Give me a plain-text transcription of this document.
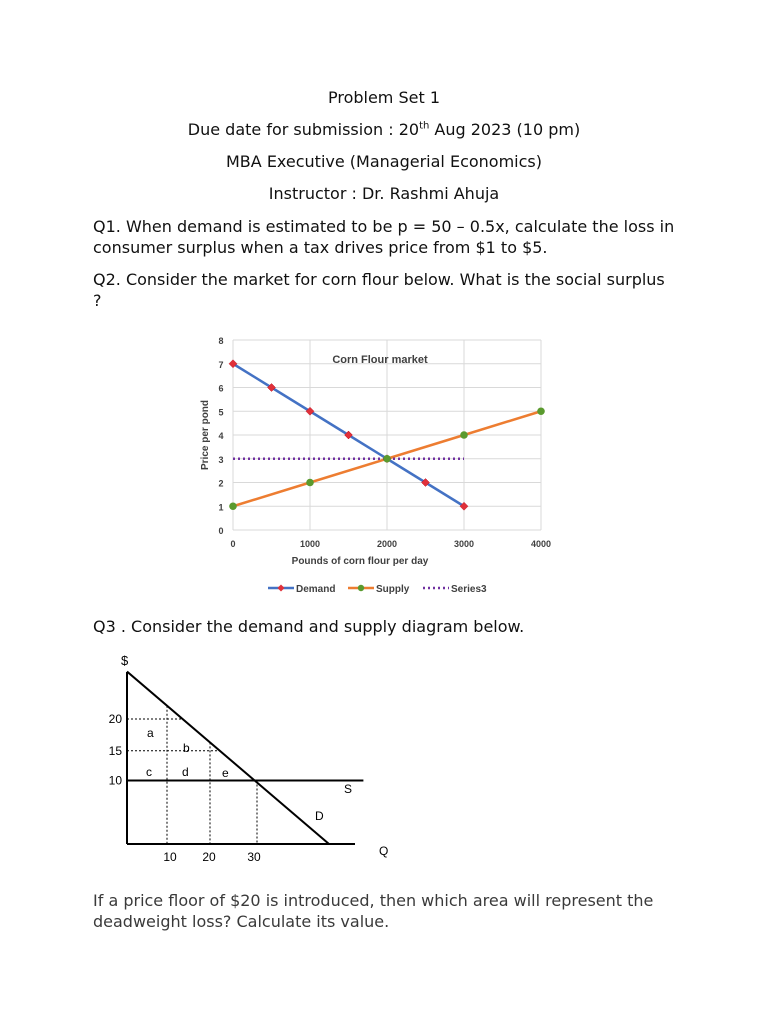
Problem Set 1
Due date for submission : 20th Aug 2023 (10 pm)
MBA Executive (Managerial Economics)
Instructor : Dr. Rashmi Ahuja
Q1. When demand is estimated to be p = 50 – 0.5x, calculate the loss in consumer surplus when a tax drives price from $1 to $5.
Q2. Consider the market for corn flour below. What is the social surplus ?
0
1
2
3
4
5
6
7
8
0	1000	2000	3000	4000
Corn Flour market
Pounds of corn flour per day
Price per pond
Demand	Supply	Series3
Q3 . Consider the demand and supply diagram below.
$
20
15
10
10 20	30
a
b
c	d	e
S
D
Q
If a price floor of $20 is introduced, then which area will represent the deadweight loss? Calculate its value.
